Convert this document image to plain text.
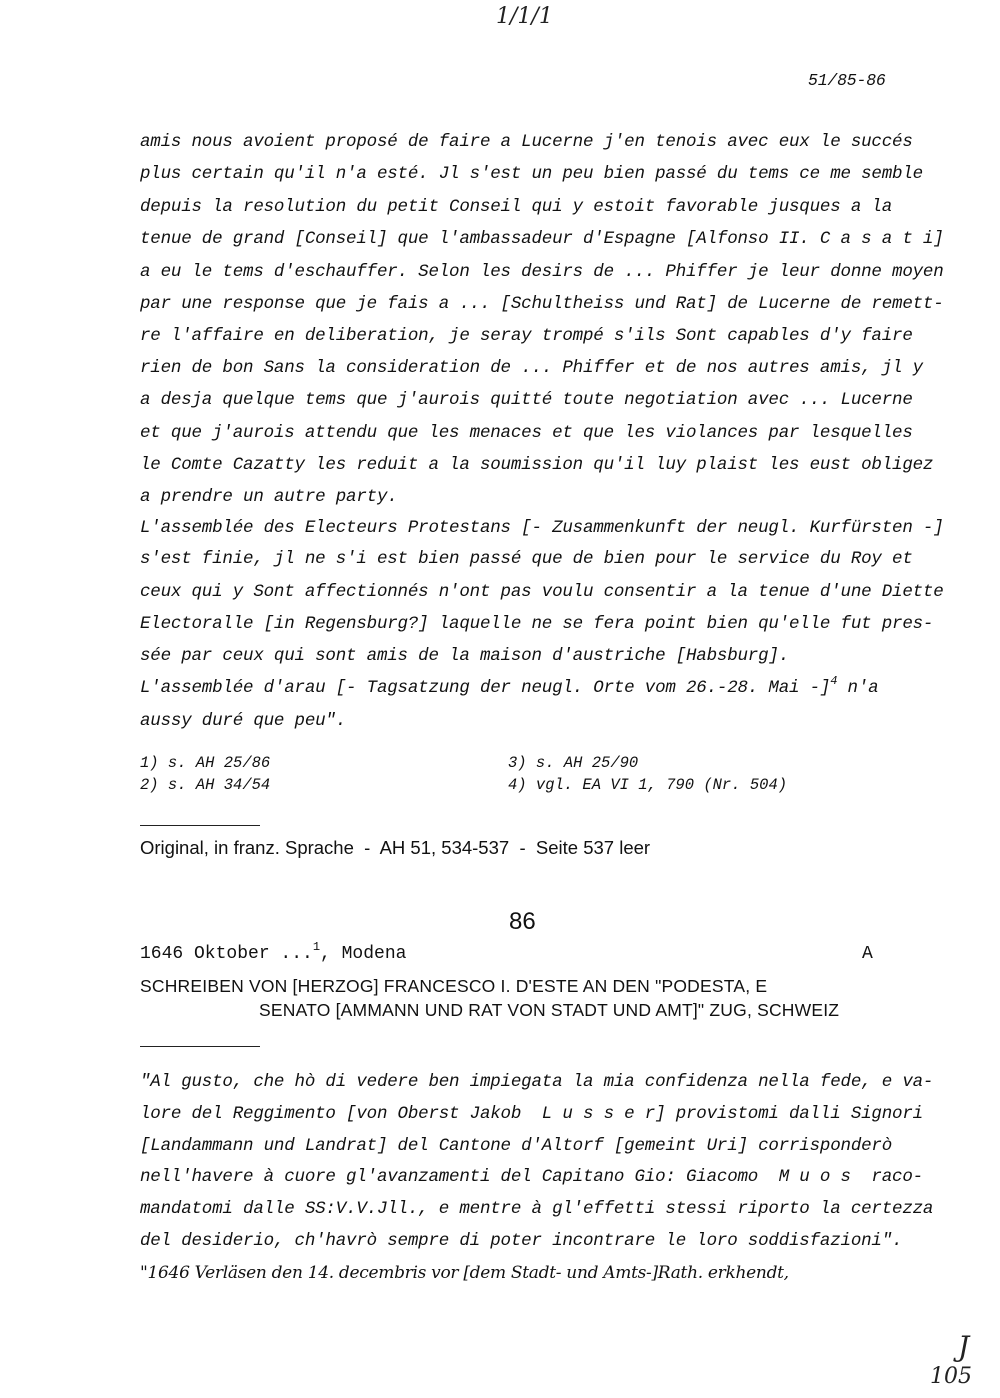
1/1/1
51/85-86
amis nous avoient proposé de faire a Lucerne j'en tenois avec eux le succés
plus certain qu'il n'a esté. Jl s'est un peu bien passé du tems ce me semble
depuis la resolution du petit Conseil qui y estoit favorable jusques a la
tenue de grand [Conseil] que l'ambassadeur d'Espagne [Alfonso II. C a s a t i]
a eu le tems d'eschauffer. Selon les desirs de ... Phiffer je leur donne moyen
par une response que je fais a ... [Schultheiss und Rat] de Lucerne de remett-
re l'affaire en deliberation, je seray trompé s'ils Sont capables d'y faire
rien de bon Sans la consideration de ... Phiffer et de nos autres amis, jl y
a desja quelque tems que j'aurois quitté toute negotiation avec ... Lucerne
et que j'aurois attendu que les menaces et que les violances par lesquelles
le Comte Cazatty les reduit a la soumission qu'il luy plaist les eust obligez
a prendre un autre party.
L'assemblée des Electeurs Protestans [- Zusammenkunft der neugl. Kurfürsten -]
s'est finie, jl ne s'i est bien passé que de bien pour le service du Roy et
ceux qui y Sont affectionnés n'ont pas voulu consentir a la tenue d'une Diette
Electoralle [in Regensburg?] laquelle ne se fera point bien qu'elle fut pres-
sée par ceux qui sont amis de la maison d'austriche [Habsburg].
L'assemblée d'arau [- Tagsatzung der neugl. Orte vom 26.-28. Mai -]$^4$ n'a
aussy duré que peu".
1) s. AH 25/86
2) s. AH 34/54
3) s. AH 25/90
4) vgl. EA VI 1, 790 (Nr. 504)
Original, in franz. Sprache  -  AH 51, 534-537  -  Seite 537 leer
86
1646 Oktober ...$^1$, Modena	A
SCHREIBEN VON [HERZOG] FRANCESCO I. D'ESTE AN DEN "PODESTA, E
SENATO [AMMANN UND RAT VON STADT UND AMT]" ZUG, SCHWEIZ
"Al gusto, che hò di vedere ben impiegata la mia confidenza nella fede, e va-
lore del Reggimento [von Oberst Jakob  L u s s e r] provistomi dalli Signori
[Landammann und Landrat] del Cantone d'Altorf [gemeint Uri] corrisponderò
nell'havere à cuore gl'avanzamenti del Capitano Gio: Giacomo  M u o s  raco-
mandatomi dalle SS:V.V.Jll., e mentre à gl'effetti stessi riporto la certezza
del desiderio, ch'havrò sempre di poter incontrare le loro soddisfazioni".
"1646 Verläsen den 14. decembris vor [dem Stadt- und Amts-]Rath. erkhendt,
J
105
